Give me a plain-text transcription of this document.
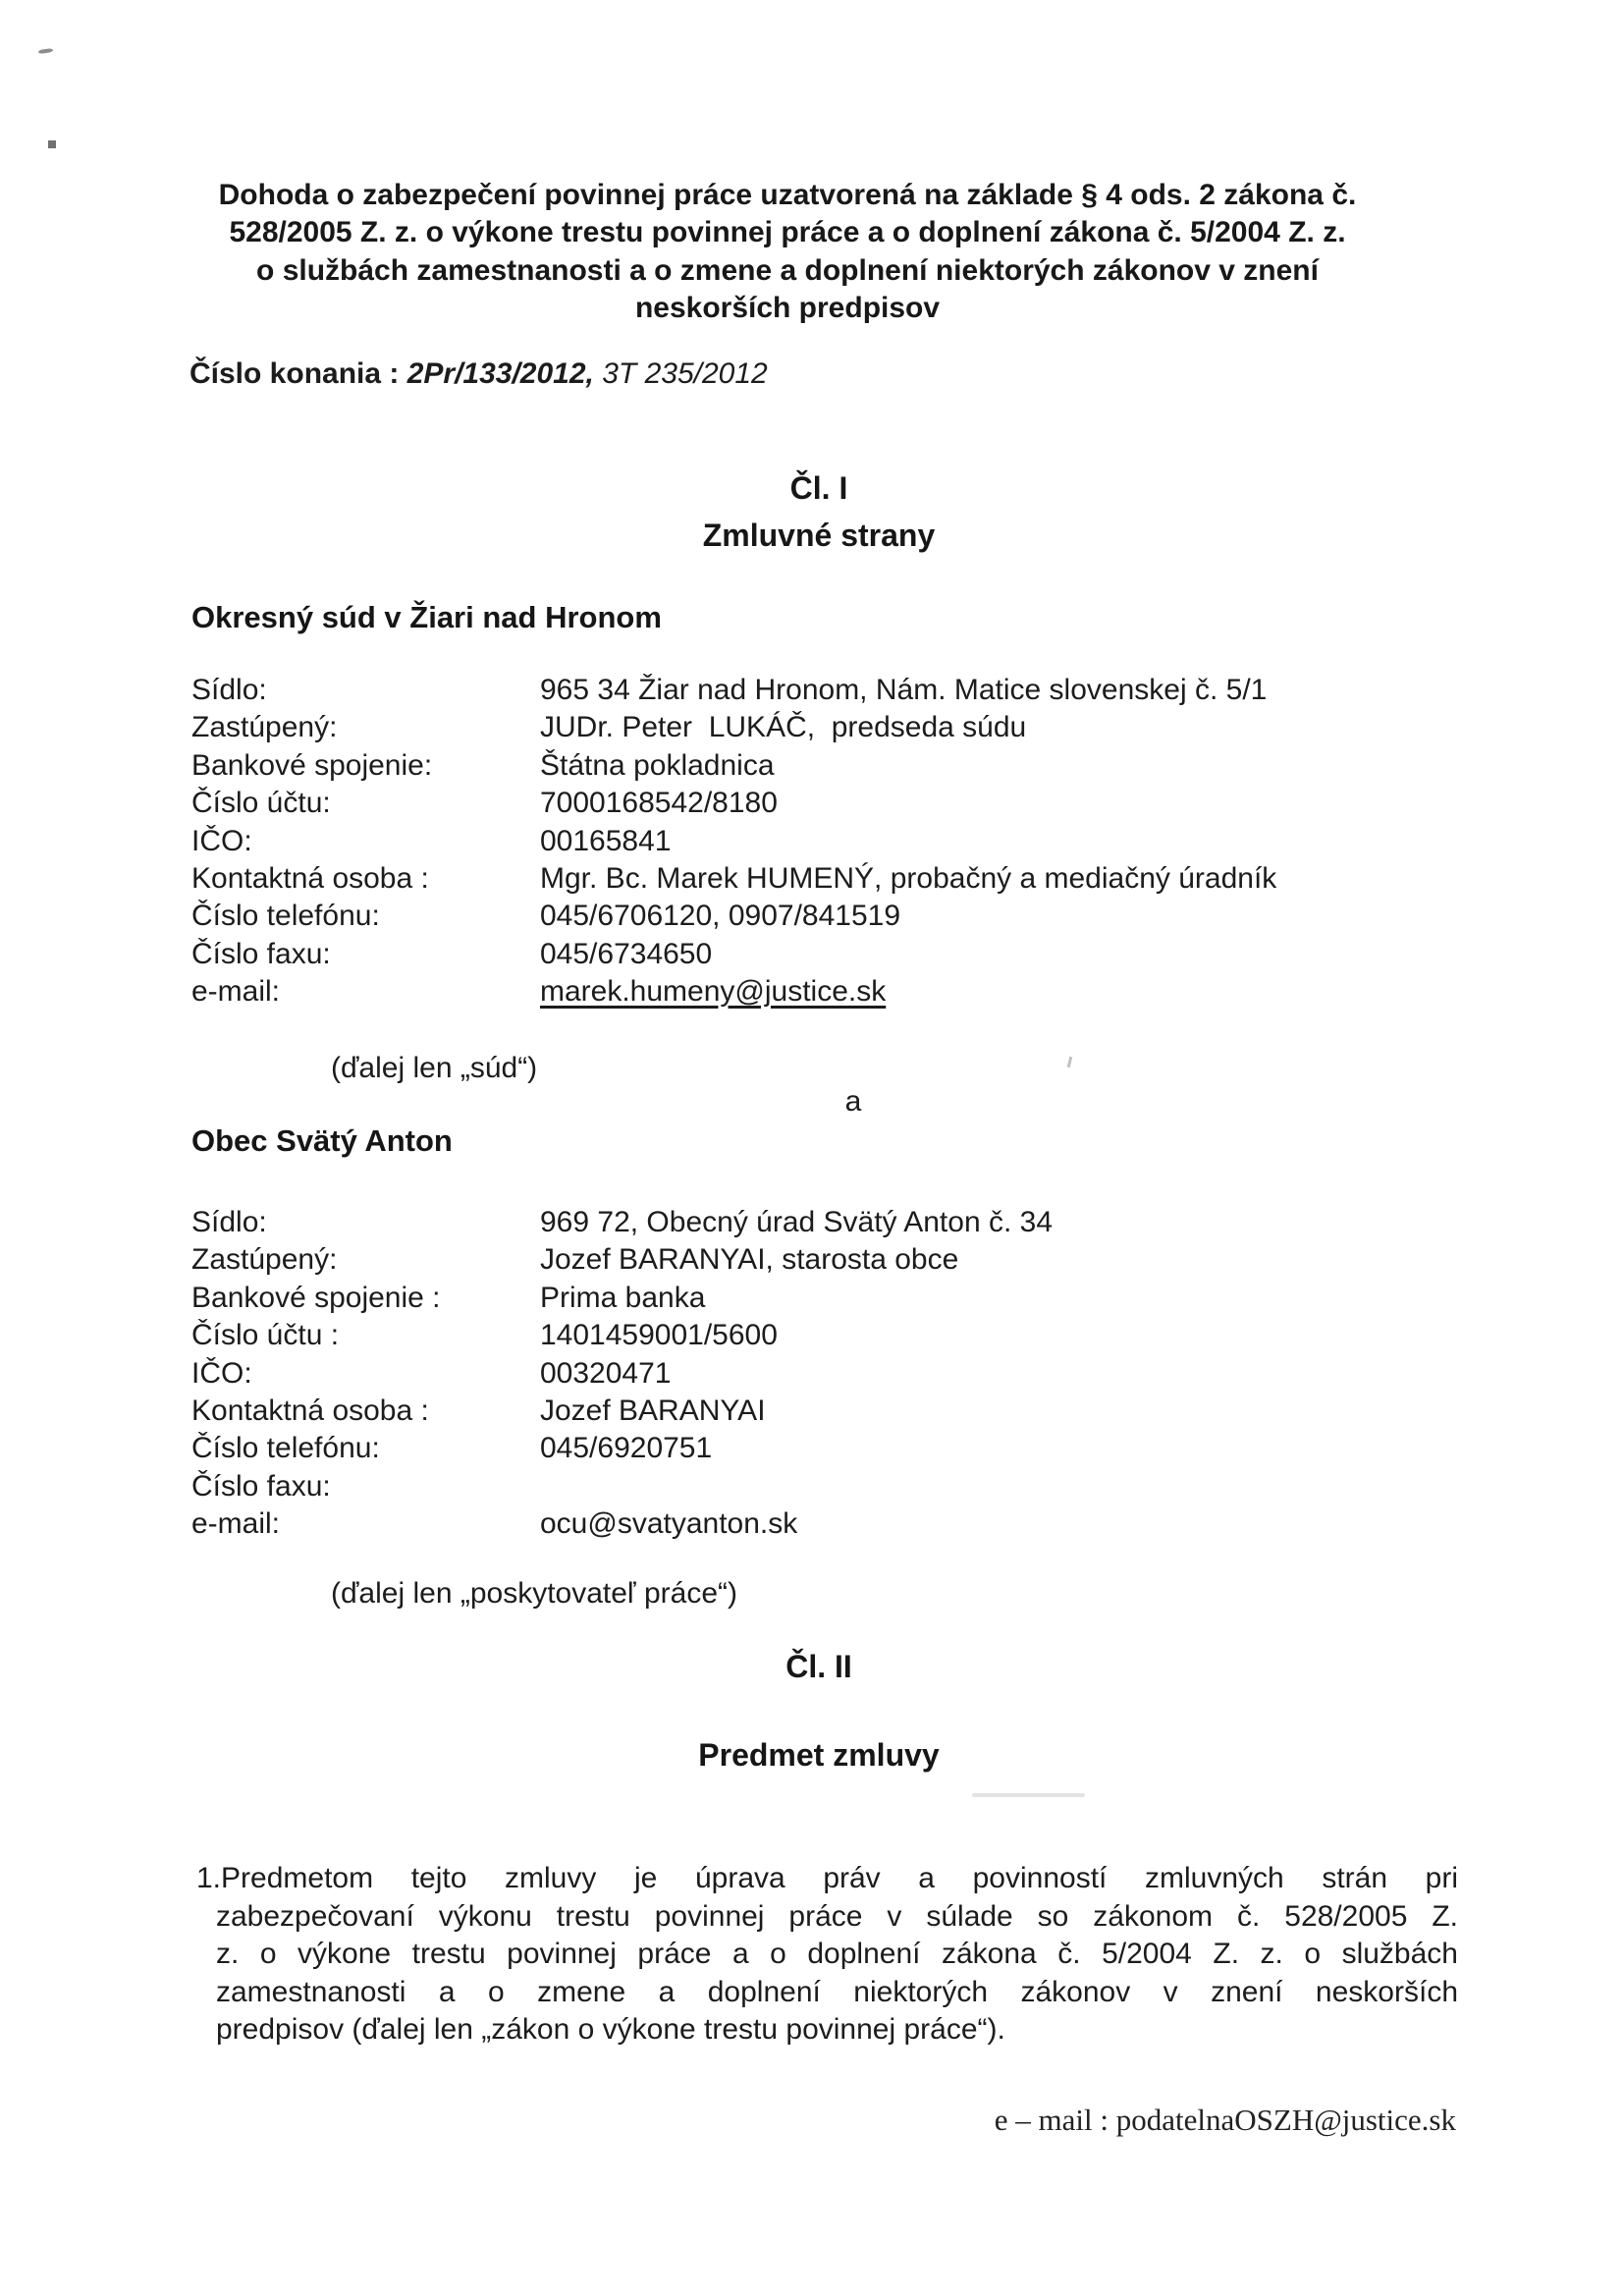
Dohoda o zabezpečení povinnej práce uzatvorená na základe § 4 ods. 2 zákona č.
528/2005 Z. z. o výkone trestu povinnej práce a o doplnení zákona č. 5/2004 Z. z.
o službách zamestnanosti a o zmene a doplnení niektorých zákonov v znení
neskorších predpisov
Číslo konania : 2Pr/133/2012, 3T 235/2012
Čl. I
Zmluvné strany
Okresný súd v Žiari nad Hronom
Sídlo:	965 34 Žiar nad Hronom, Nám. Matice slovenskej č. 5/1
Zastúpený:	JUDr. Peter  LUKÁČ,  predseda súdu
Bankové spojenie:	Štátna pokladnica
Číslo účtu:	7000168542/8180
IČO:	00165841
Kontaktná osoba :	Mgr. Bc. Marek HUMENÝ, probačný a mediačný úradník
Číslo telefónu:	045/6706120, 0907/841519
Číslo faxu:	045/6734650
e-mail:	marek.humeny@justice.sk
(ďalej len „súd“)
a
Obec Svätý Anton
Sídlo:	969 72, Obecný úrad Svätý Anton č. 34
Zastúpený:	Jozef BARANYAI, starosta obce
Bankové spojenie :	Prima banka
Číslo účtu :	1401459001/5600
IČO:	00320471
Kontaktná osoba :	Jozef BARANYAI
Číslo telefónu:	045/6920751
Číslo faxu:
e-mail:	ocu@svatyanton.sk
(ďalej len „poskytovateľ práce“)
Čl. II
Predmet zmluvy
1.Predmetom tejto zmluvy je úprava práv a povinností zmluvných strán pri
zabezpečovaní výkonu trestu povinnej práce v súlade so zákonom č. 528/2005 Z.
z. o výkone trestu povinnej práce a o doplnení zákona č. 5/2004 Z. z. o službách
zamestnanosti a o zmene a doplnení niektorých zákonov v znení neskorších
predpisov (ďalej len „zákon o výkone trestu povinnej práce“).
e – mail : podatelnaOSZH@justice.sk
